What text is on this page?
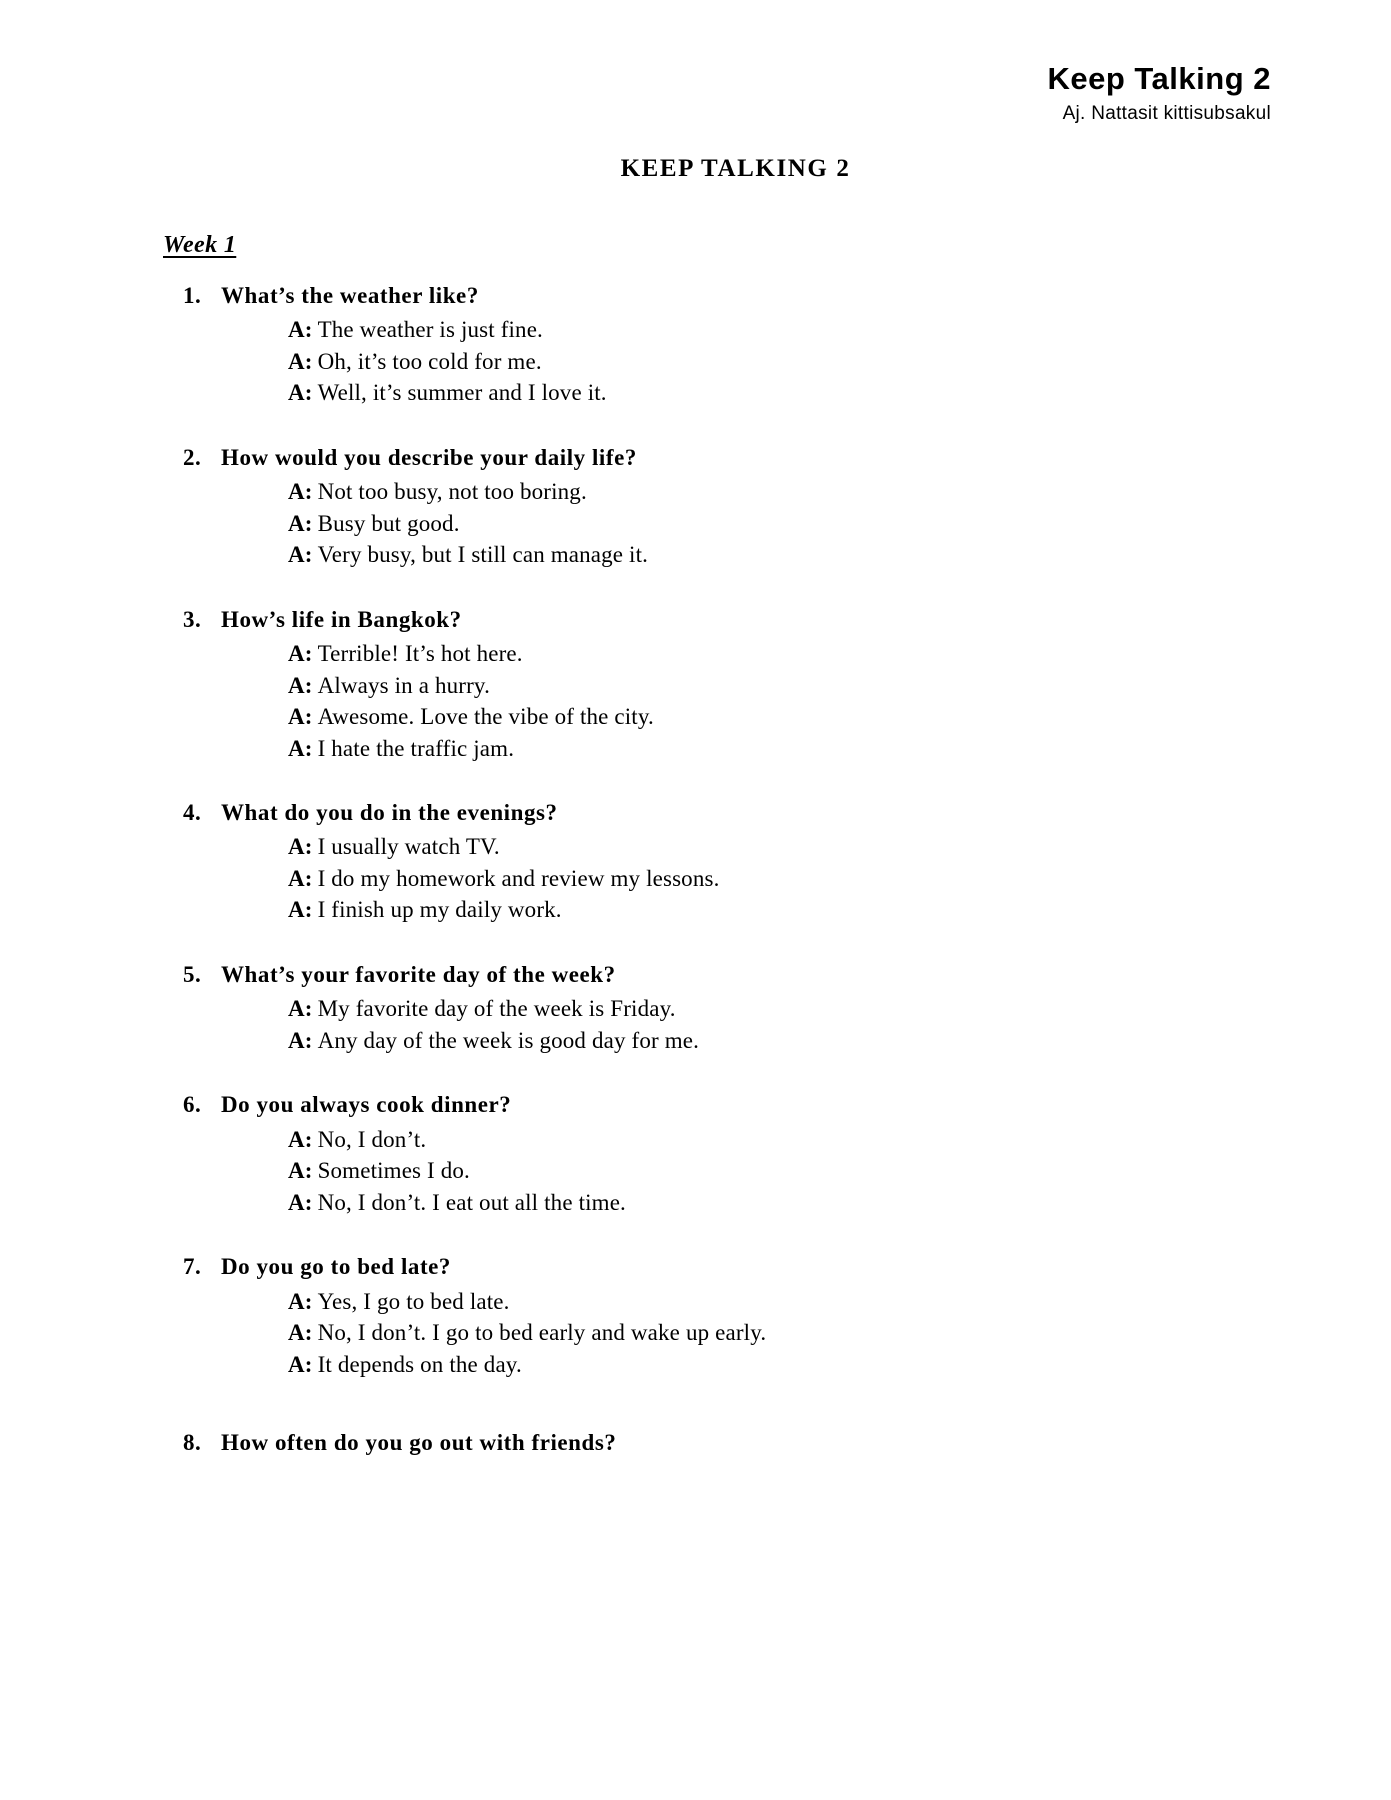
Keep Talking 2
Aj. Nattasit kittisubsakul
KEEP TALKING 2
Week 1
1. What’s the weather like?
A: The weather is just fine.
A: Oh, it’s too cold for me.
A: Well, it’s summer and I love it.
2. How would you describe your daily life?
A: Not too busy, not too boring.
A: Busy but good.
A: Very busy, but I still can manage it.
3. How’s life in Bangkok?
A: Terrible! It’s hot here.
A: Always in a hurry.
A: Awesome. Love the vibe of the city.
A: I hate the traffic jam.
4. What do you do in the evenings?
A: I usually watch TV.
A: I do my homework and review my lessons.
A: I finish up my daily work.
5. What’s your favorite day of the week?
A: My favorite day of the week is Friday.
A: Any day of the week is good day for me.
6. Do you always cook dinner?
A: No, I don’t.
A: Sometimes I do.
A: No, I don’t. I eat out all the time.
7. Do you go to bed late?
A: Yes, I go to bed late.
A: No, I don’t. I go to bed early and wake up early.
A: It depends on the day.
8. How often do you go out with friends?
